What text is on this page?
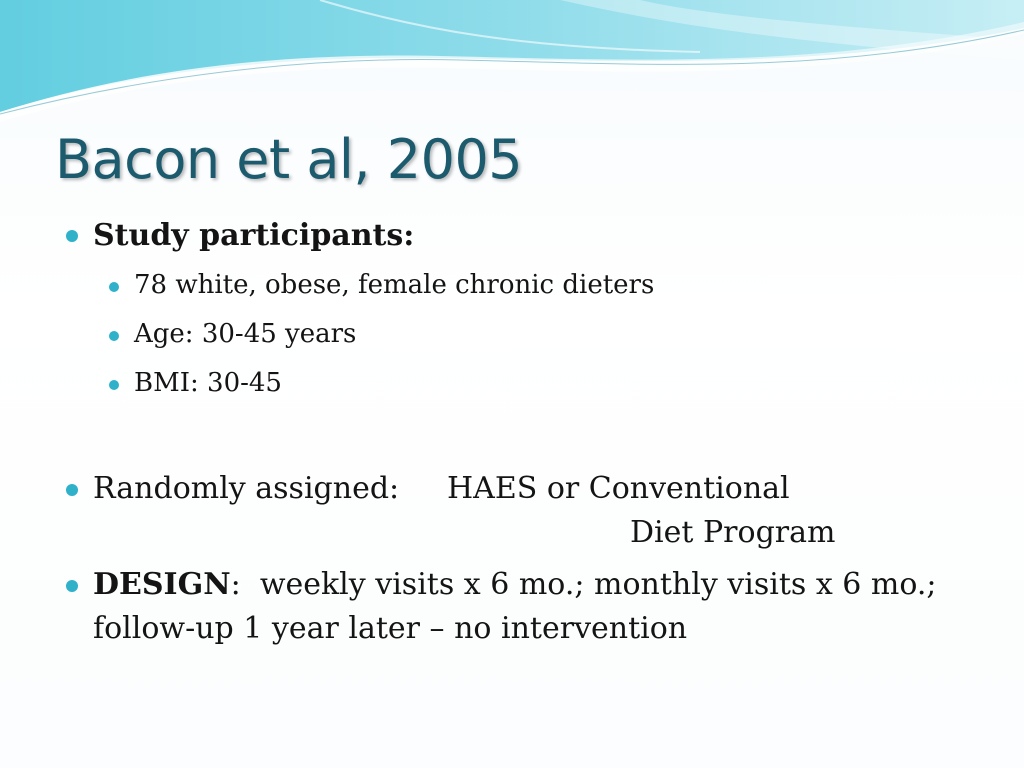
Bacon et al, 2005
Study participants:
78 white, obese, female chronic dieters
Age: 30-45 years
BMI: 30-45
Randomly assigned: HAES or Conventional
Diet Program
DESIGN: weekly visits x 6 mo.; monthly visits x 6 mo.;
follow-up 1 year later – no intervention
